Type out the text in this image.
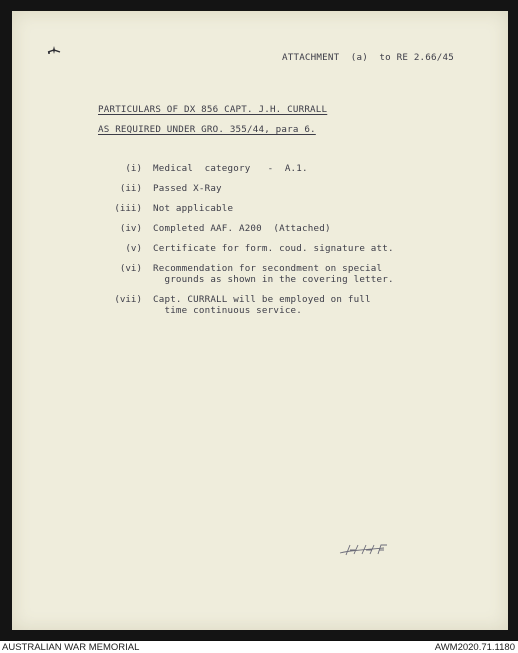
ATTACHMENT  (a)  to RE 2.66/45
PARTICULARS OF DX 856 CAPT. J.H. CURRALL
AS REQUIRED UNDER GRO. 355/44, para 6.
(i) Medical  category   -  A.1.
(ii) Passed X-Ray
(iii) Not applicable
(iv) Completed AAF. A200  (Attached)
(v) Certificate for form. coud. signature att.
(vi) Recommendation for secondment on special
grounds as shown in the covering letter.
(vii) Capt. CURRALL will be employed on full
time continuous service.
AUSTRALIAN WAR MEMORIAL	AWM2020.71.1180
